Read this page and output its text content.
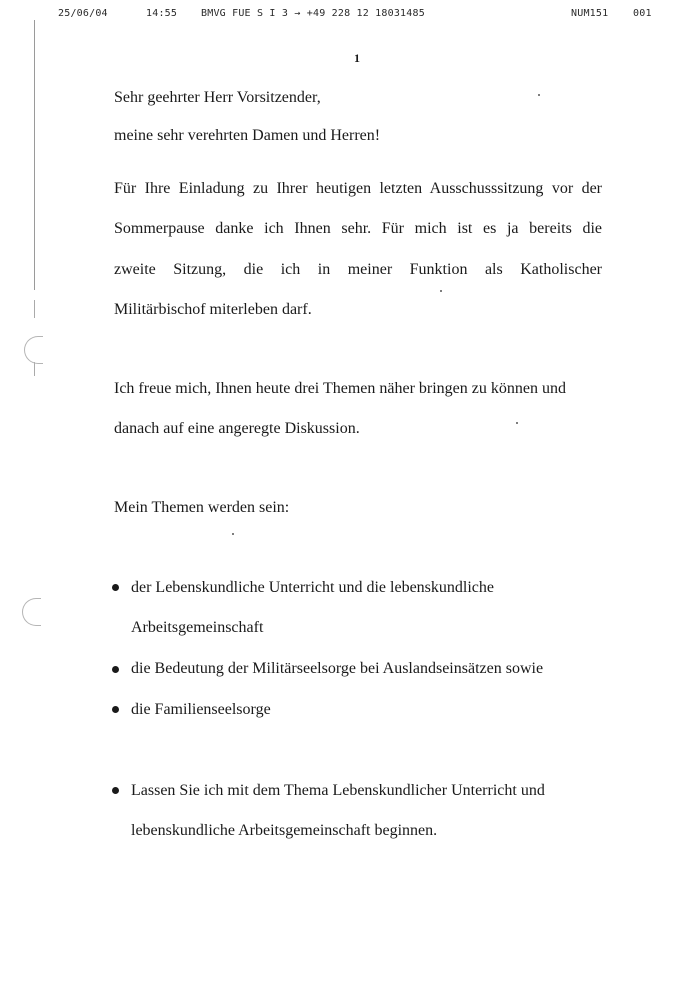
25/06/04	14:55 BMVG FUE S I 3 → +49 228 12 18031485	NUM151 001
1

Sehr geehrter Herr Vorsitzender,

meine sehr verehrten Damen und Herren!

Für Ihre Einladung zu Ihrer heutigen letzten Ausschusssitzung vor der

Sommerpause danke ich Ihnen sehr. Für mich ist es ja bereits die

zweite Sitzung, die ich in meiner Funktion als Katholischer

Militärbischof miterleben darf.

Ich freue mich, Ihnen heute drei Themen näher bringen zu können und

danach auf eine angeregte Diskussion.

Mein Themen werden sein:

der Lebenskundliche Unterricht und die lebenskundliche
Arbeitsgemeinschaft
die Bedeutung der Militärseelsorge bei Auslandseinsätzen sowie
die Familienseelsorge
Lassen Sie ich mit dem Thema Lebenskundlicher Unterricht und
lebenskundliche Arbeitsgemeinschaft beginnen.
